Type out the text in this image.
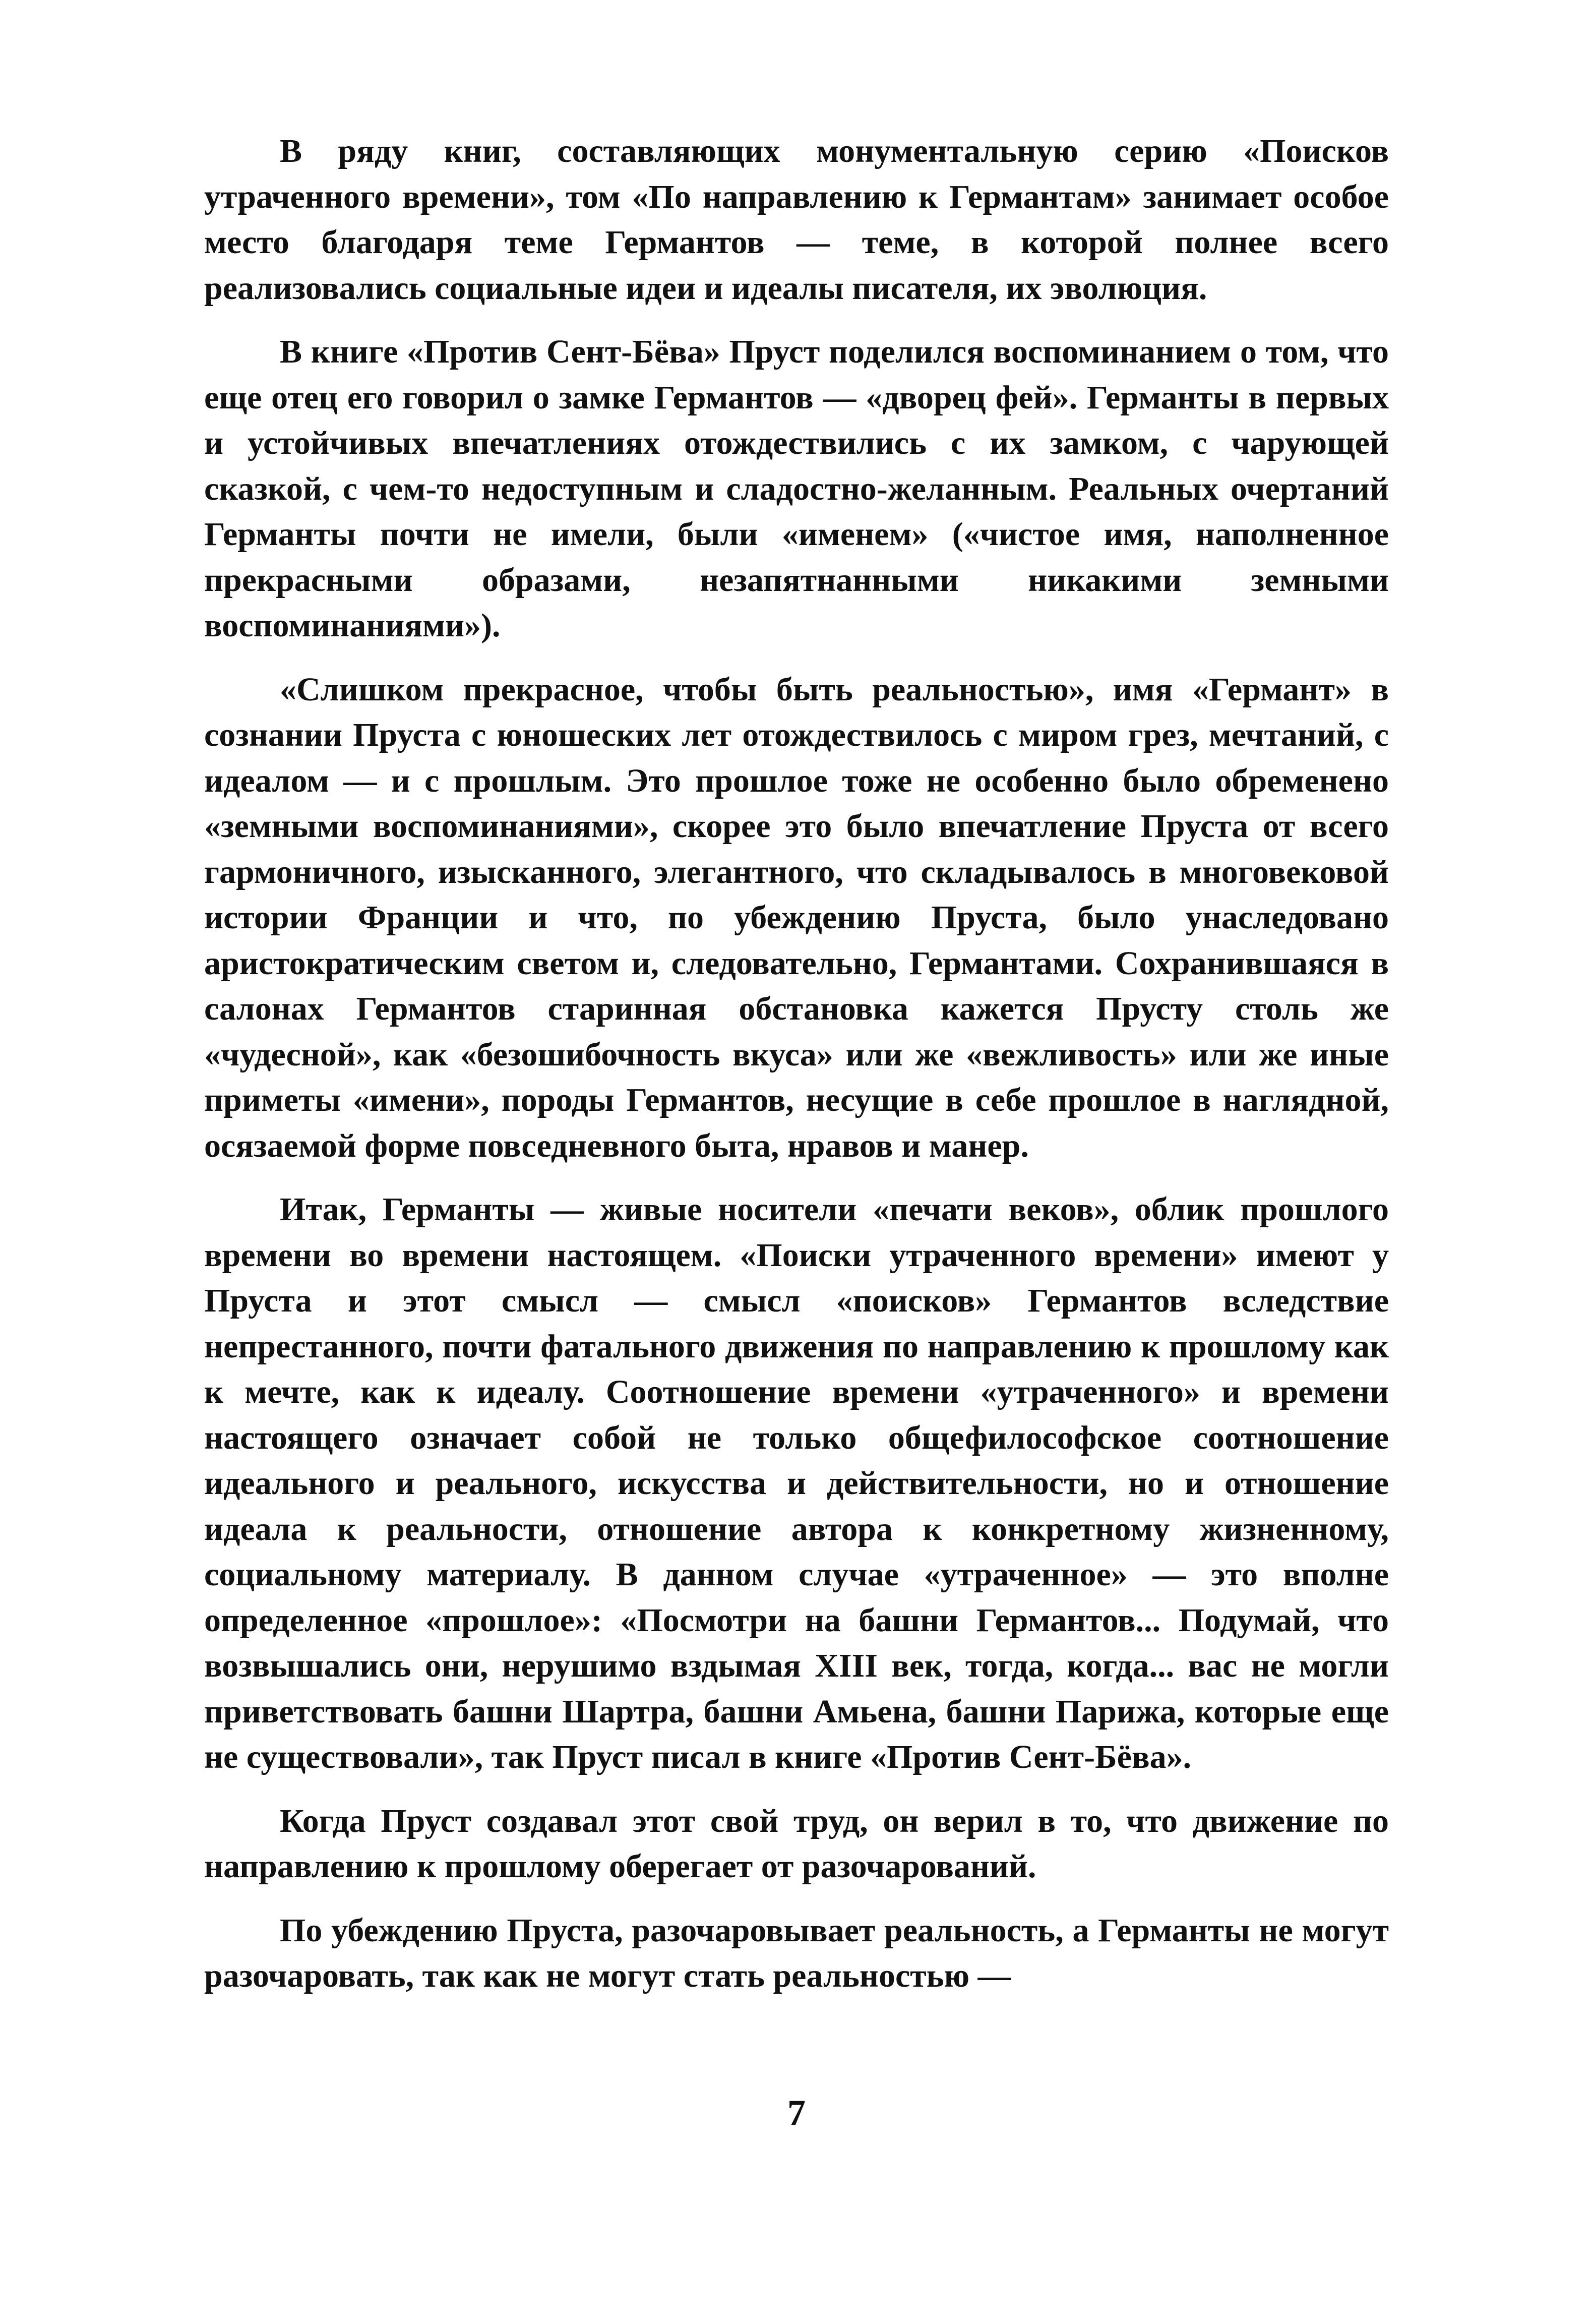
В ряду книг, составляющих монументальную серию «Поисков утраченного времени», том «По направлению к Германтам» занимает особое место благодаря теме Германтов — теме, в которой полнее всего реализовались социальные идеи и идеалы писателя, их эволюция.

В книге «Против Сент-Бёва» Пруст поделился воспоминанием о том, что еще отец его говорил о замке Германтов — «дворец фей». Германты в первых и устойчивых впечатлениях отождествились с их замком, с чарующей сказкой, с чем-то недоступным и сладостно-желанным. Реальных очертаний Германты почти не имели, были «именем» («чистое имя, наполненное прекрасными образами, незапятнанными никакими земными воспоминаниями»).

«Слишком прекрасное, чтобы быть реальностью», имя «Германт» в сознании Пруста с юношеских лет отождествилось с миром грез, мечтаний, с идеалом — и с прошлым. Это прошлое тоже не особенно было обременено «земными воспоминаниями», скорее это было впечатление Пруста от всего гармоничного, изысканного, элегантного, что складывалось в многовековой истории Франции и что, по убеждению Пруста, было унаследовано аристократическим светом и, следовательно, Германтами. Сохранившаяся в салонах Германтов старинная обстановка кажется Прусту столь же «чудесной», как «безошибочность вкуса» или же «вежливость» или же иные приметы «имени», породы Германтов, несущие в себе прошлое в наглядной, осязаемой форме повседневного быта, нравов и манер.

Итак, Германты — живые носители «печати веков», облик прошлого времени во времени настоящем. «Поиски утраченного времени» имеют у Пруста и этот смысл — смысл «поисков» Германтов вследствие непрестанного, почти фатального движения по направлению к прошлому как к мечте, как к идеалу. Соотношение времени «утраченного» и времени настоящего означает собой не только общефилософское соотношение идеального и реального, искусства и действительности, но и отношение идеала к реальности, отношение автора к конкретному жизненному, социальному материалу. В данном случае «утраченное» — это вполне определенное «прошлое»: «Посмотри на башни Германтов... Подумай, что возвышались они, нерушимо вздымая XIII век, тогда, когда... вас не могли приветствовать башни Шартра, башни Амьена, башни Парижа, которые еще не существовали», так Пруст писал в книге «Против Сент-Бёва».

Когда Пруст создавал этот свой труд, он верил в то, что движение по направлению к прошлому оберегает от разочарований.

По убеждению Пруста, разочаровывает реальность, а Германты не могут разочаровать, так как не могут стать реальностью —

7
